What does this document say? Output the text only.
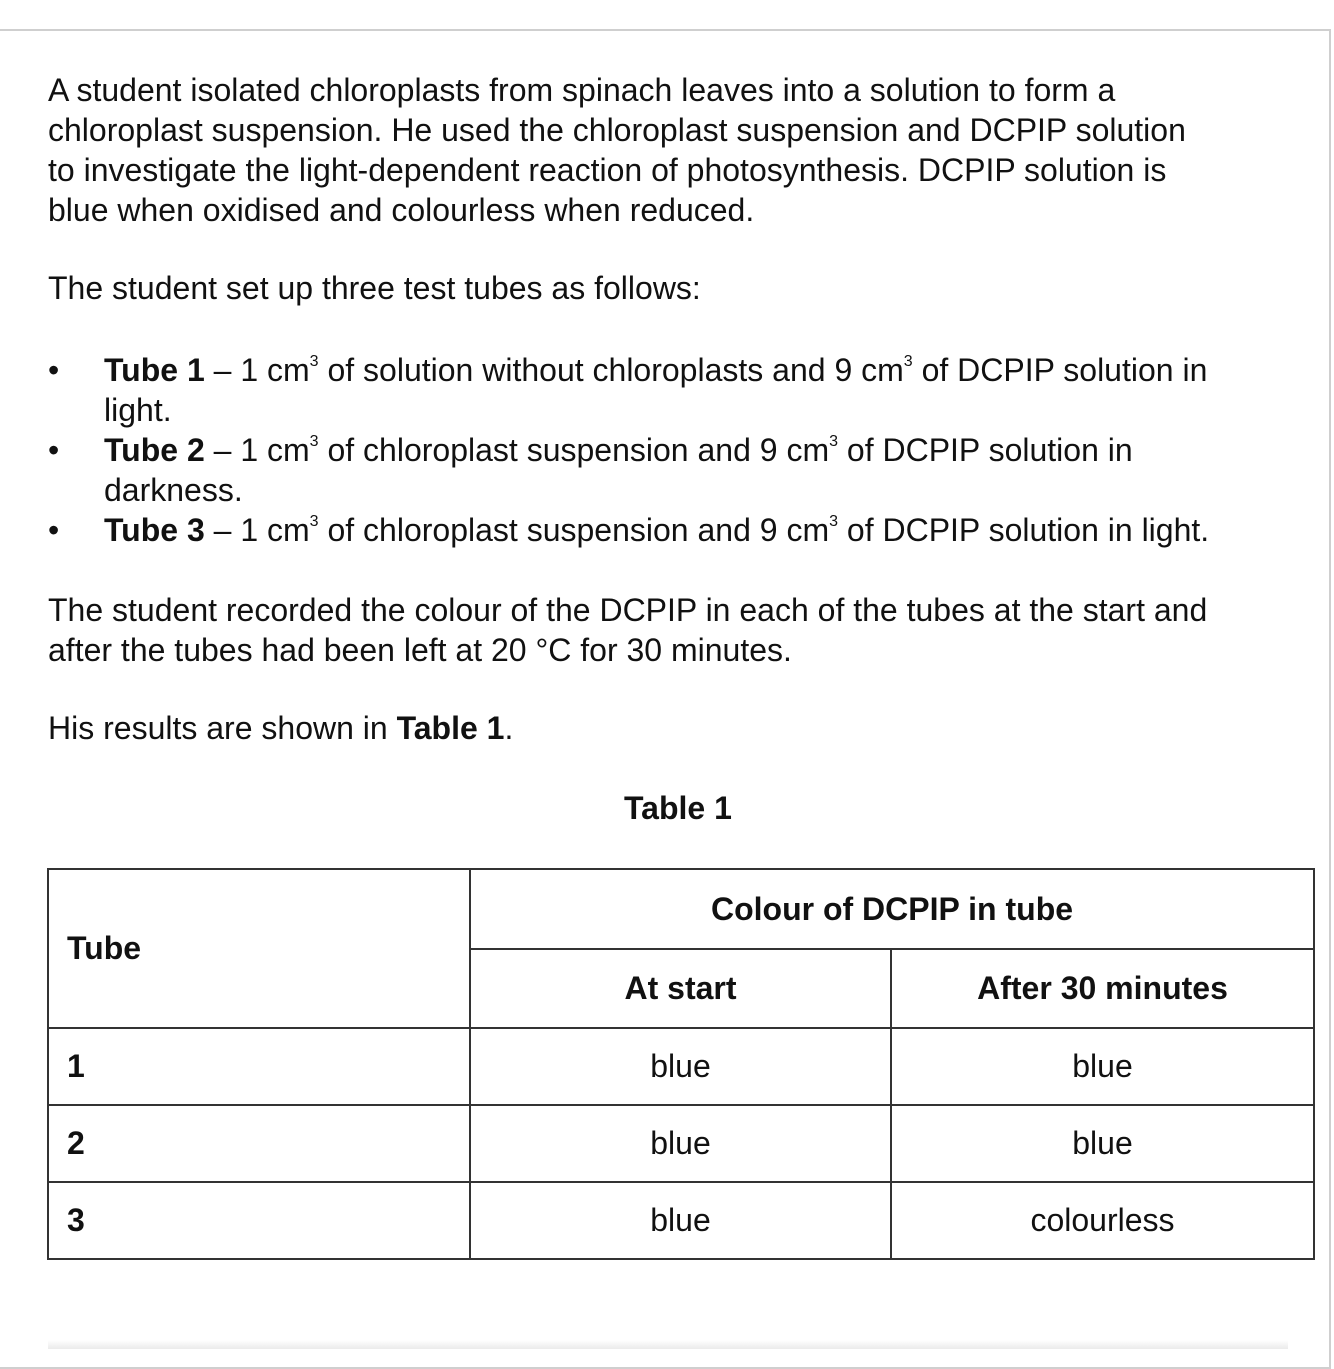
A student isolated chloroplasts from spinach leaves into a solution to form a
chloroplast suspension. He used the chloroplast suspension and DCPIP solution
to investigate the light-dependent reaction of photosynthesis. DCPIP solution is
blue when oxidised and colourless when reduced.

The student set up three test tubes as follows:

•	Tube 1 – 1 $cm^3$ of solution without chloroplasts and 9 $cm^3$ of DCPIP solution in
light.
•	Tube 2 – 1 $cm^3$ of chloroplast suspension and 9 $cm^3$ of DCPIP solution in
darkness.
•	Tube 3 – 1 $cm^3$ of chloroplast suspension and 9 $cm^3$ of DCPIP solution in light.

The student recorded the colour of the DCPIP in each of the tubes at the start and
after the tubes had been left at 20 °C for 30 minutes.

His results are shown in Table 1.

Table 1
Tube	Colour of DCPIP in tube	
	At start	After 30 minutes
1	blue	blue
2	blue	blue
3	blue	colourless
